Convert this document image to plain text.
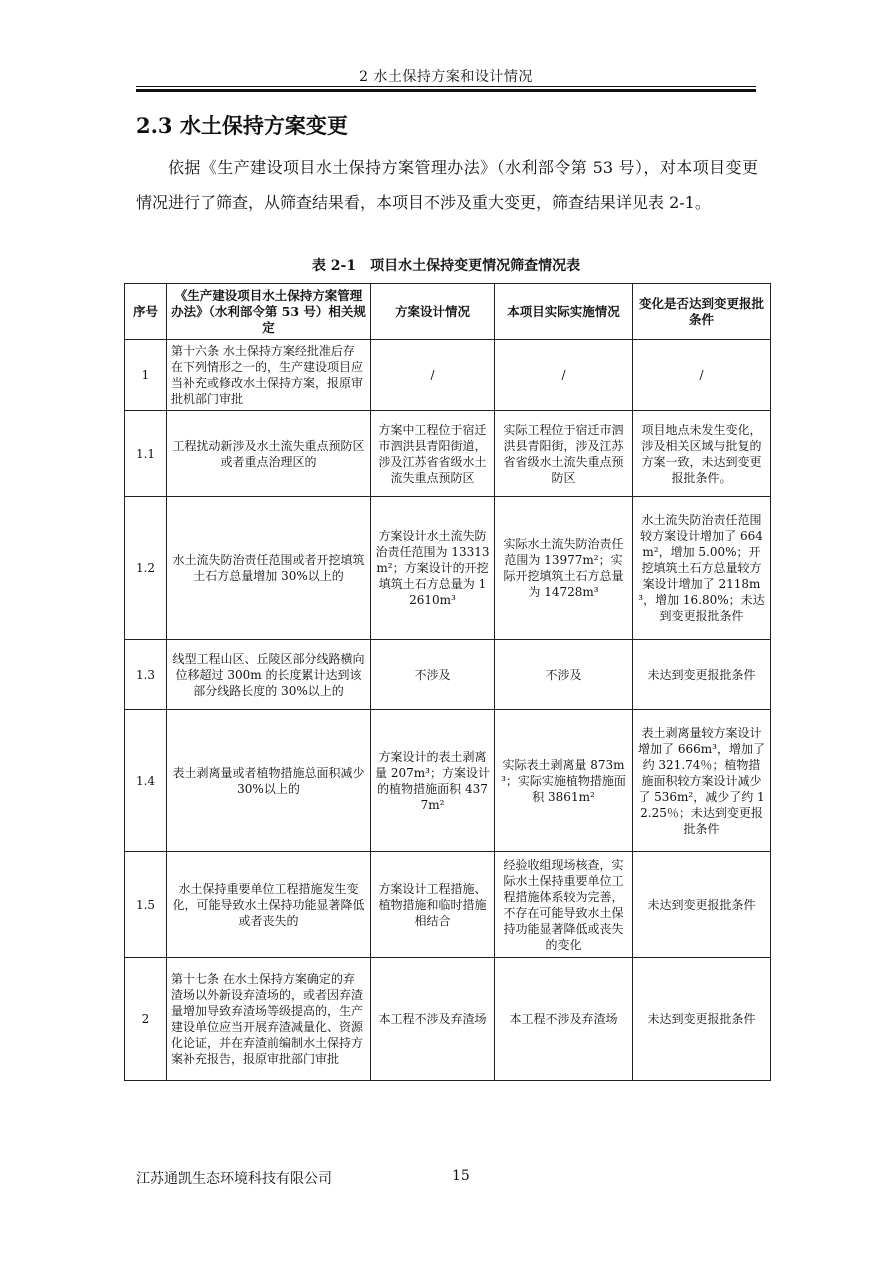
2 水土保持方案和设计情况
2.3 水土保持方案变更

依据《生产建设项目水土保持方案管理办法》（水利部令第 53 号），对本项目变更情况进行了筛查，从筛查结果看，本项目不涉及重大变更，筛查结果详见表 2-1。

表 2-1　项目水土保持变更情况筛查情况表
序号	《生产建设项目水土保持方案管理办法》（水利部令第 53 号）相关规定	方案设计情况	本项目实际实施情况	变化是否达到变更报批条件
1	第十六条 水土保持方案经批准后存在下列情形之一的，生产建设项目应当补充或修改水土保持方案，报原审批机部门审批	/	/	/
1.1	工程扰动新涉及水土流失重点预防区或者重点治理区的	方案中工程位于宿迁市泗洪县青阳街道，涉及江苏省省级水土流失重点预防区	实际工程位于宿迁市泗洪县青阳街，涉及江苏省省级水土流失重点预防区	项目地点未发生变化，涉及相关区域与批复的方案一致，未达到变更报批条件。
1.2	水土流失防治责任范围或者开挖填筑土石方总量增加 30%以上的	方案设计水土流失防治责任范围为 13313m²；方案设计的开挖填筑土石方总量为 12610m³	实际水土流失防治责任范围为 13977m²；实际开挖填筑土石方总量为 14728m³	水土流失防治责任范围较方案设计增加了 664m²，增加 5.00%；开挖填筑土石方总量较方案设计增加了 2118m³，增加 16.80%；未达到变更报批条件
1.3	线型工程山区、丘陵区部分线路横向位移超过 300m 的长度累计达到该部分线路长度的 30%以上的	不涉及	不涉及	未达到变更报批条件
1.4	表土剥离量或者植物措施总面积减少 30%以上的	方案设计的表土剥离量 207m³；方案设计的植物措施面积 4377m²	实际表土剥离量 873m³；实际实施植物措施面积 3861m²	表土剥离量较方案设计增加了 666m³，增加了约 321.74％；植物措施面积较方案设计减少了 536m²，减少了约 12.25％；未达到变更报批条件
1.5	水土保持重要单位工程措施发生变化，可能导致水土保持功能显著降低或者丧失的	方案设计工程措施、植物措施和临时措施相结合	经验收组现场核查，实际水土保持重要单位工程措施体系较为完善，不存在可能导致水土保持功能显著降低或丧失的变化	未达到变更报批条件
2	第十七条 在水土保持方案确定的弃渣场以外新设弃渣场的，或者因弃渣量增加导致弃渣场等级提高的，生产建设单位应当开展弃渣减量化、资源化论证，并在弃渣前编制水土保持方案补充报告，报原审批部门审批	本工程不涉及弃渣场	本工程不涉及弃渣场	未达到变更报批条件
江苏通凯生态环境科技有限公司	15
